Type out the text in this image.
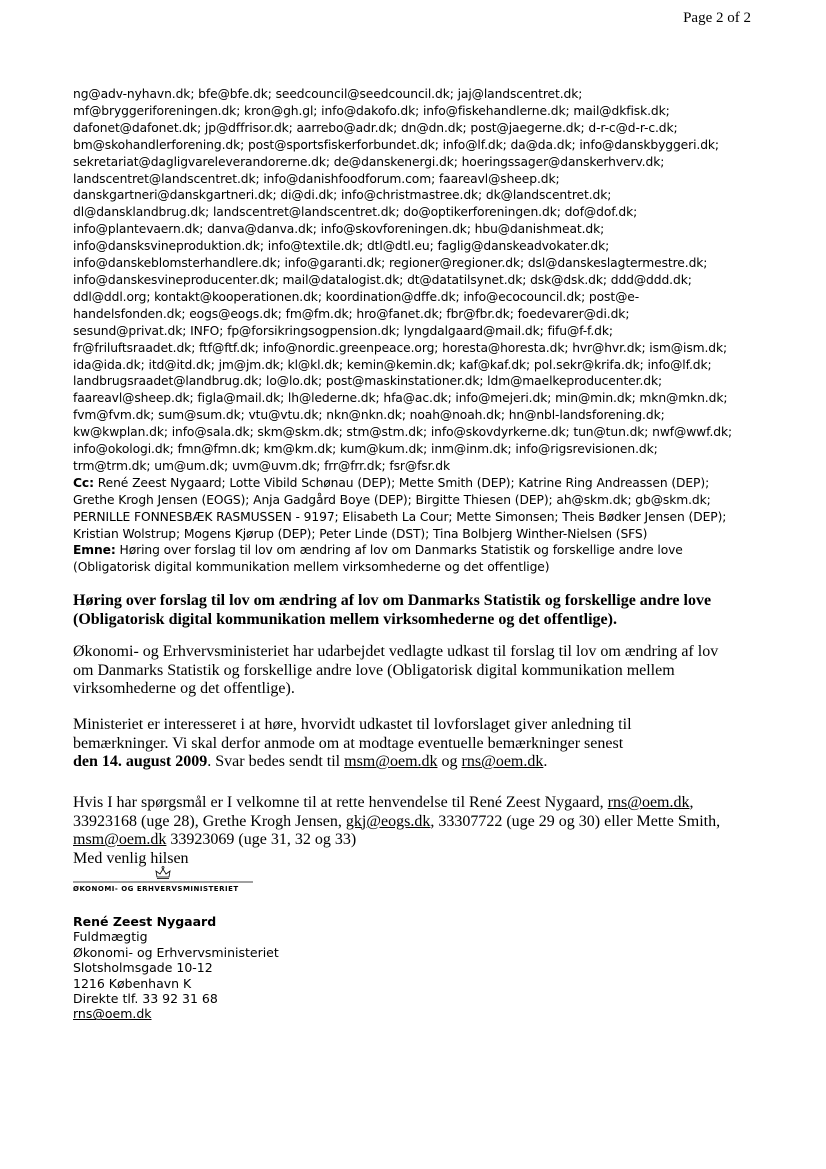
Page 2 of 2
ng@adv-nyhavn.dk; bfe@bfe.dk; seedcouncil@seedcouncil.dk; jaj@landscentret.dk;
mf@bryggeriforeningen.dk; kron@gh.gl; info@dakofo.dk; info@fiskehandlerne.dk; mail@dkfisk.dk;
dafonet@dafonet.dk; jp@dffrisor.dk; aarrebo@adr.dk; dn@dn.dk; post@jaegerne.dk; d-r-c@d-r-c.dk;
bm@skohandlerforening.dk; post@sportsfiskerforbundet.dk; info@lf.dk; da@da.dk; info@danskbyggeri.dk;
sekretariat@dagligvareleverandorerne.dk; de@danskenergi.dk; hoeringssager@danskerhverv.dk;
landscentret@landscentret.dk; info@danishfoodforum.com; faareavl@sheep.dk;
danskgartneri@danskgartneri.dk; di@di.dk; info@christmastree.dk; dk@landscentret.dk;
dl@dansklandbrug.dk; landscentret@landscentret.dk; do@optikerforeningen.dk; dof@dof.dk;
info@plantevaern.dk; danva@danva.dk; info@skovforeningen.dk; hbu@danishmeat.dk;
info@dansksvineproduktion.dk; info@textile.dk; dtl@dtl.eu; faglig@danskeadvokater.dk;
info@danskeblomsterhandlere.dk; info@garanti.dk; regioner@regioner.dk; dsl@danskeslagtermestre.dk;
info@danskesvineproducenter.dk; mail@datalogist.dk; dt@datatilsynet.dk; dsk@dsk.dk; ddd@ddd.dk;
ddl@ddl.org; kontakt@kooperationen.dk; koordination@dffe.dk; info@ecocouncil.dk; post@e-
handelsfonden.dk; eogs@eogs.dk; fm@fm.dk; hro@fanet.dk; fbr@fbr.dk; foedevarer@di.dk;
sesund@privat.dk; INFO; fp@forsikringsogpension.dk; lyngdalgaard@mail.dk; fifu@f-f.dk;
fr@friluftsraadet.dk; ftf@ftf.dk; info@nordic.greenpeace.org; horesta@horesta.dk; hvr@hvr.dk; ism@ism.dk;
ida@ida.dk; itd@itd.dk; jm@jm.dk; kl@kl.dk; kemin@kemin.dk; kaf@kaf.dk; pol.sekr@krifa.dk; info@lf.dk;
landbrugsraadet@landbrug.dk; lo@lo.dk; post@maskinstationer.dk; ldm@maelkeproducenter.dk;
faareavl@sheep.dk; figla@mail.dk; lh@lederne.dk; hfa@ac.dk; info@mejeri.dk; min@min.dk; mkn@mkn.dk;
fvm@fvm.dk; sum@sum.dk; vtu@vtu.dk; nkn@nkn.dk; noah@noah.dk; hn@nbl-landsforening.dk;
kw@kwplan.dk; info@sala.dk; skm@skm.dk; stm@stm.dk; info@skovdyrkerne.dk; tun@tun.dk; nwf@wwf.dk;
info@okologi.dk; fmn@fmn.dk; km@km.dk; kum@kum.dk; inm@inm.dk; info@rigsrevisionen.dk;
trm@trm.dk; um@um.dk; uvm@uvm.dk; frr@frr.dk; fsr@fsr.dk
Cc: René Zeest Nygaard; Lotte Vibild Schønau (DEP); Mette Smith (DEP); Katrine Ring Andreassen (DEP);
Grethe Krogh Jensen (EOGS); Anja Gadgård Boye (DEP); Birgitte Thiesen (DEP); ah@skm.dk; gb@skm.dk;
PERNILLE FONNESBÆK RASMUSSEN - 9197; Elisabeth La Cour; Mette Simonsen; Theis Bødker Jensen (DEP);
Kristian Wolstrup; Mogens Kjørup (DEP); Peter Linde (DST); Tina Bolbjerg Winther-Nielsen (SFS)
Emne: Høring over forslag til lov om ændring af lov om Danmarks Statistik og forskellige andre love
(Obligatorisk digital kommunikation mellem virksomhederne og det offentlige)
Høring over forslag til lov om ændring af lov om Danmarks Statistik og forskellige andre love
(Obligatorisk digital kommunikation mellem virksomhederne og det offentlige).
Økonomi- og Erhvervsministeriet har udarbejdet vedlagte udkast til forslag til lov om ændring af lov
om Danmarks Statistik og forskellige andre love (Obligatorisk digital kommunikation mellem
virksomhederne og det offentlige).
Ministeriet er interesseret i at høre, hvorvidt udkastet til lovforslaget giver anledning til
bemærkninger. Vi skal derfor anmode om at modtage eventuelle bemærkninger senest
den 14. august 2009. Svar bedes sendt til msm@oem.dk og rns@oem.dk.
Hvis I har spørgsmål er I velkomne til at rette henvendelse til René Zeest Nygaard, rns@oem.dk,
33923168 (uge 28), Grethe Krogh Jensen, gkj@eogs.dk, 33307722 (uge 29 og 30) eller Mette Smith,
msm@oem.dk 33923069 (uge 31, 32 og 33)
Med venlig hilsen
ØKONOMI- OG ERHVERVSMINISTERIET
René Zeest Nygaard
Fuldmægtig
Økonomi- og Erhvervsministeriet
Slotsholmsgade 10-12
1216 København K
Direkte tlf. 33 92 31 68
rns@oem.dk
